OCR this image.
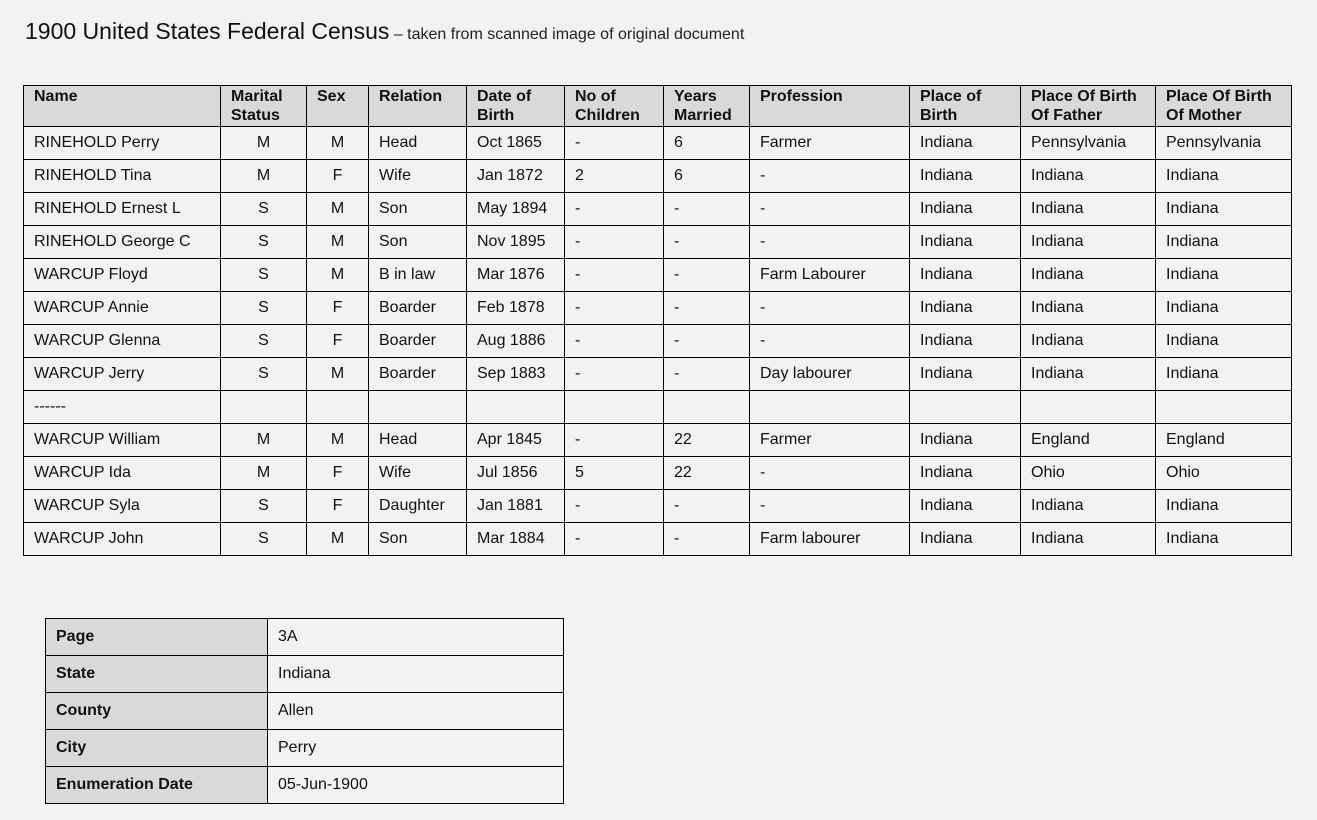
1900 United States Federal Census – taken from scanned image of original document
Name	Marital Status	Sex	Relation	Date of Birth	No of Children	Years Married	Profession	Place of Birth	Place Of Birth Of Father	Place Of Birth Of Mother
RINEHOLD Perry	M	M	Head	Oct 1865	-	6	Farmer	Indiana	Pennsylvania	Pennsylvania
RINEHOLD Tina	M	F	Wife	Jan 1872	2	6	-	Indiana	Indiana	Indiana
RINEHOLD Ernest L	S	M	Son	May 1894	-	-	-	Indiana	Indiana	Indiana
RINEHOLD George C	S	M	Son	Nov 1895	-	-	-	Indiana	Indiana	Indiana
WARCUP Floyd	S	M	B in law	Mar 1876	-	-	Farm Labourer	Indiana	Indiana	Indiana
WARCUP Annie	S	F	Boarder	Feb 1878	-	-	-	Indiana	Indiana	Indiana
WARCUP Glenna	S	F	Boarder	Aug 1886	-	-	-	Indiana	Indiana	Indiana
WARCUP Jerry	S	M	Boarder	Sep 1883	-	-	Day labourer	Indiana	Indiana	Indiana
------										
WARCUP William	M	M	Head	Apr 1845	-	22	Farmer	Indiana	England	England
WARCUP Ida	M	F	Wife	Jul 1856	5	22	-	Indiana	Ohio	Ohio
WARCUP Syla	S	F	Daughter	Jan 1881	-	-	-	Indiana	Indiana	Indiana
WARCUP John	S	M	Son	Mar 1884	-	-	Farm labourer	Indiana	Indiana	Indiana
Page	3A
State	Indiana
County	Allen
City	Perry
Enumeration Date	05-Jun-1900
